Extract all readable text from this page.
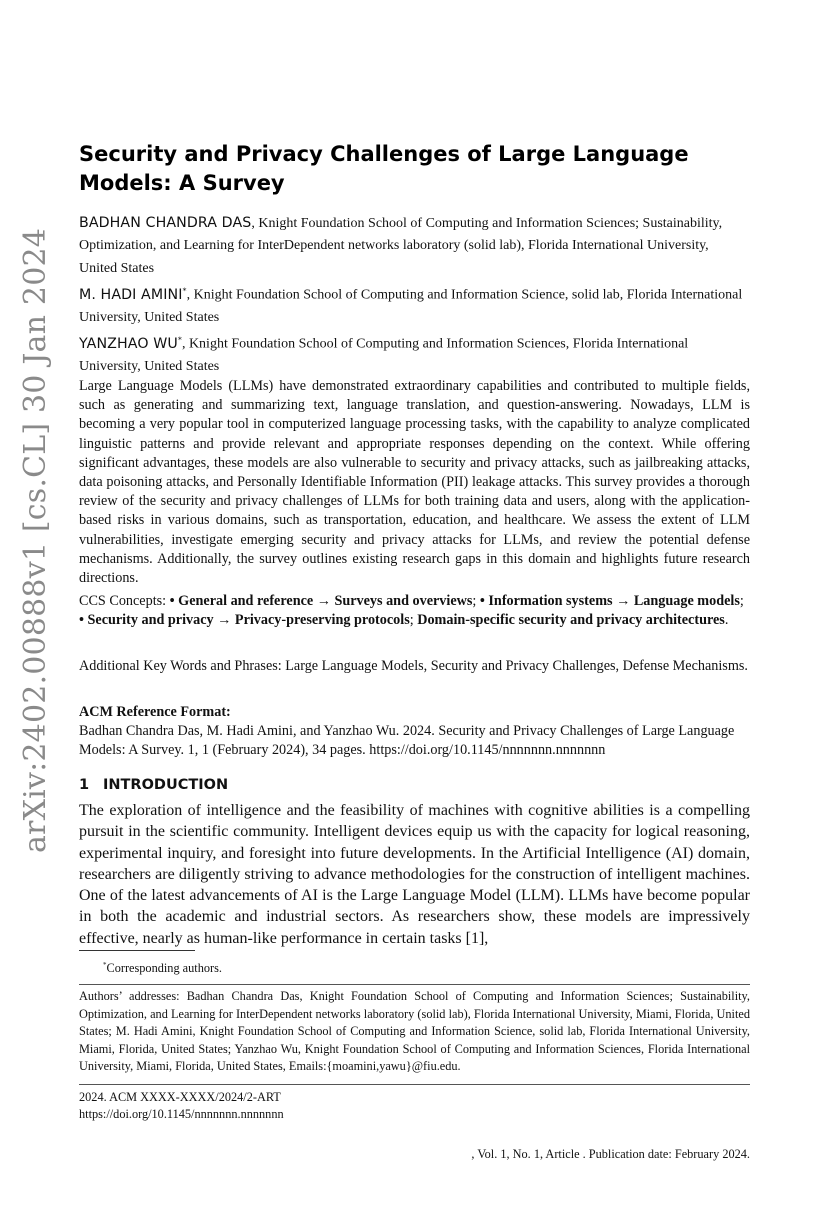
arXiv:2402.00888v1 [cs.CL] 30 Jan 2024
Security and Privacy Challenges of Large Language Models: A Survey

BADHAN CHANDRA DAS, Knight Foundation School of Computing and Information Sciences; Sustainability, Optimization, and Learning for InterDependent networks laboratory (solid lab), Florida International University, United States

M. HADI AMINI*, Knight Foundation School of Computing and Information Science, solid lab, Florida International University, United States

YANZHAO WU*, Knight Foundation School of Computing and Information Sciences, Florida International University, United States

Large Language Models (LLMs) have demonstrated extraordinary capabilities and contributed to multiple fields, such as generating and summarizing text, language translation, and question-answering. Nowadays, LLM is becoming a very popular tool in computerized language processing tasks, with the capability to analyze complicated linguistic patterns and provide relevant and appropriate responses depending on the context. While offering significant advantages, these models are also vulnerable to security and privacy attacks, such as jailbreaking attacks, data poisoning attacks, and Personally Identifiable Information (PII) leakage attacks. This survey provides a thorough review of the security and privacy challenges of LLMs for both training data and users, along with the application-based risks in various domains, such as transportation, education, and healthcare. We assess the extent of LLM vulnerabilities, investigate emerging security and privacy attacks for LLMs, and review the potential defense mechanisms. Additionally, the survey outlines existing research gaps in this domain and highlights future research directions.

CCS Concepts: • General and reference → Surveys and overviews; • Information systems → Language models; • Security and privacy → Privacy-preserving protocols; Domain-specific security and privacy architectures.

Additional Key Words and Phrases: Large Language Models, Security and Privacy Challenges, Defense Mechanisms.

ACM Reference Format:
Badhan Chandra Das, M. Hadi Amini, and Yanzhao Wu. 2024. Security and Privacy Challenges of Large Language Models: A Survey. 1, 1 (February 2024), 34 pages. https://doi.org/10.1145/nnnnnnn.nnnnnnn

1 INTRODUCTION

The exploration of intelligence and the feasibility of machines with cognitive abilities is a compelling pursuit in the scientific community. Intelligent devices equip us with the capacity for logical reasoning, experimental inquiry, and foresight into future developments. In the Artificial Intelligence (AI) domain, researchers are diligently striving to advance methodologies for the construction of intelligent machines. One of the latest advancements of AI is the Large Language Model (LLM). LLMs have become popular in both the academic and industrial sectors. As researchers show, these models are impressively effective, nearly as human-like performance in certain tasks [1],

*Corresponding authors.

Authors’ addresses: Badhan Chandra Das, Knight Foundation School of Computing and Information Sciences; Sustainability, Optimization, and Learning for InterDependent networks laboratory (solid lab), Florida International University, Miami, Florida, United States; M. Hadi Amini, Knight Foundation School of Computing and Information Science, solid lab, Florida International University, Miami, Florida, United States; Yanzhao Wu, Knight Foundation School of Computing and Information Sciences, Florida International University, Miami, Florida, United States, Emails:{moamini,yawu}@fiu.edu.

2024. ACM XXXX-XXXX/2024/2-ART
https://doi.org/10.1145/nnnnnnn.nnnnnnn

, Vol. 1, No. 1, Article . Publication date: February 2024.
